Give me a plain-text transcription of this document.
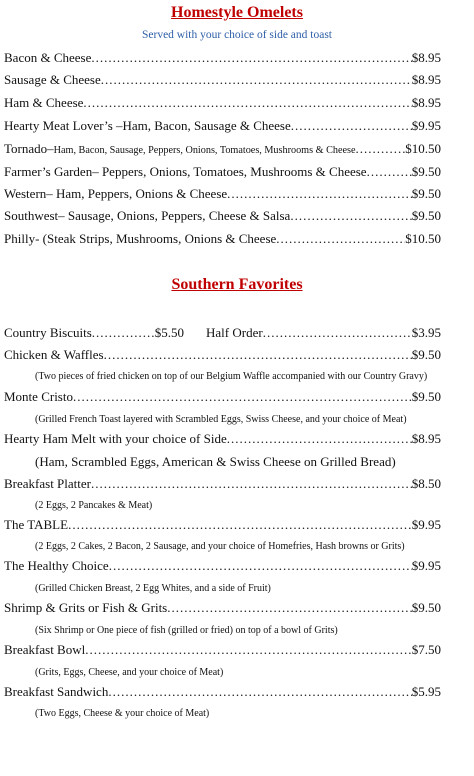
Homestyle Omelets
Served with your choice of side and toast
Bacon & Cheese .....	$8.95
Sausage & Cheese .....	$8.95
Ham & Cheese .....	$8.95
Hearty Meat Lover’s –Ham, Bacon, Sausage & Cheese .....	$9.95
Tornado– Ham, Bacon, Sausage, Peppers, Onions, Tomatoes, Mushrooms & Cheese .....	$10.50
Farmer’s Garden– Peppers, Onions, Tomatoes, Mushrooms & Cheese .....	$9.50
Western– Ham, Peppers, Onions & Cheese .....	$9.50
Southwest– Sausage, Onions, Peppers, Cheese & Salsa .....	$9.50
Philly- (Steak Strips, Mushrooms, Onions & Cheese .....	$10.50
Southern Favorites
Country Biscuits .....	$5.50 Half Order .....	$3.95
Chicken & Waffles .....	$9.50
(Two pieces of fried chicken on top of our Belgium Waffle accompanied with our Country Gravy)
Monte Cristo .....	$9.50
(Grilled French Toast layered with Scrambled Eggs, Swiss Cheese, and your choice of Meat)
Hearty Ham Melt with your choice of Side .....	$8.95
(Ham, Scrambled Eggs, American & Swiss Cheese on Grilled Bread)
Breakfast Platter .....	$8.50
(2 Eggs, 2 Pancakes & Meat)
The TABLE .....	$9.95
(2 Eggs, 2 Cakes, 2 Bacon, 2 Sausage, and your choice of Homefries, Hash browns or Grits)
The Healthy Choice .....	$9.95
(Grilled Chicken Breast, 2 Egg Whites, and a side of Fruit)
Shrimp & Grits or Fish & Grits .....	$9.50
(Six Shrimp or One piece of fish (grilled or fried) on top of a bowl of Grits)
Breakfast Bowl .....	$7.50
(Grits, Eggs, Cheese, and your choice of Meat)
Breakfast Sandwich .....	$5.95
(Two Eggs, Cheese & your choice of Meat)
